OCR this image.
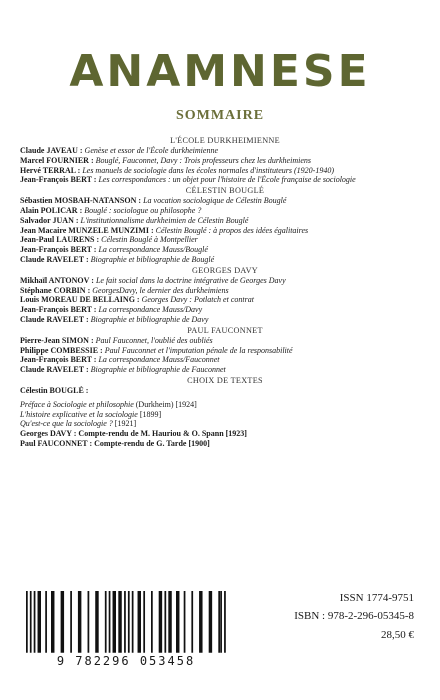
ANAMNESE
SOMMAIRE
L'ÉCOLE DURKHEIMIENNE
Claude JAVEAU : Genèse et essor de l'École durkheimienne
Marcel FOURNIER : Bouglé, Fauconnet, Davy : Trois professeurs chez les durkheimiens
Hervé TERRAL : Les manuels de sociologie dans les écoles normales d'instituteurs (1920-1940)
Jean-François BERT : Les correspondances : un objet pour l'histoire de l'École française de sociologie
CÉLESTIN BOUGLÉ
Sébastien MOSBAH-NATANSON : La vocation sociologique de Célestin Bouglé
Alain POLICAR : Bouglé : sociologue ou philosophe ?
Salvador JUAN : L'institutionnalisme durkheimien de Célestin Bouglé
Jean Macaire MUNZELE MUNZIMI : Célestin Bouglé : à propos des idées égalitaires
Jean-Paul LAURENS : Célestin Bouglé à Montpellier
Jean-François BERT : La correspondance Mauss/Bouglé
Claude RAVELET : Biographie et bibliographie de Bouglé
GEORGES DAVY
Mikhaïl ANTONOV : Le fait social dans la doctrine intégrative de Georges Davy
Stéphane CORBIN : GeorgesDavy, le dernier des durkheimiens
Louis MOREAU DE BELLAING : Georges Davy : Potlatch et contrat
Jean-François BERT : La correspondance Mauss/Davy
Claude RAVELET : Biographie et bibliographie de Davy
PAUL FAUCONNET
Pierre-Jean SIMON : Paul Fauconnet, l'oublié des oubliés
Philippe COMBESSIE : Paul Fauconnet et l'imputation pénale de la responsabilité
Jean-François BERT : La correspondance Mauss/Fauconnet
Claude RAVELET : Biographie et bibliographie de Fauconnet
CHOIX DE TEXTES
Célestin BOUGLÉ :
Préface à Sociologie et philosophie (Durkheim) [1924]
L'histoire explicative et la sociologie [1899]
Qu'est-ce que la sociologie ? [1921]
Georges DAVY : Compte-rendu de M. Hauriou & O. Spann [1923]
Paul FAUCONNET : Compte-rendu de G. Tarde [1900]
ISSN 1774-9751
ISBN : 978-2-296-05345-8
28,50 €
9 782296 053458
